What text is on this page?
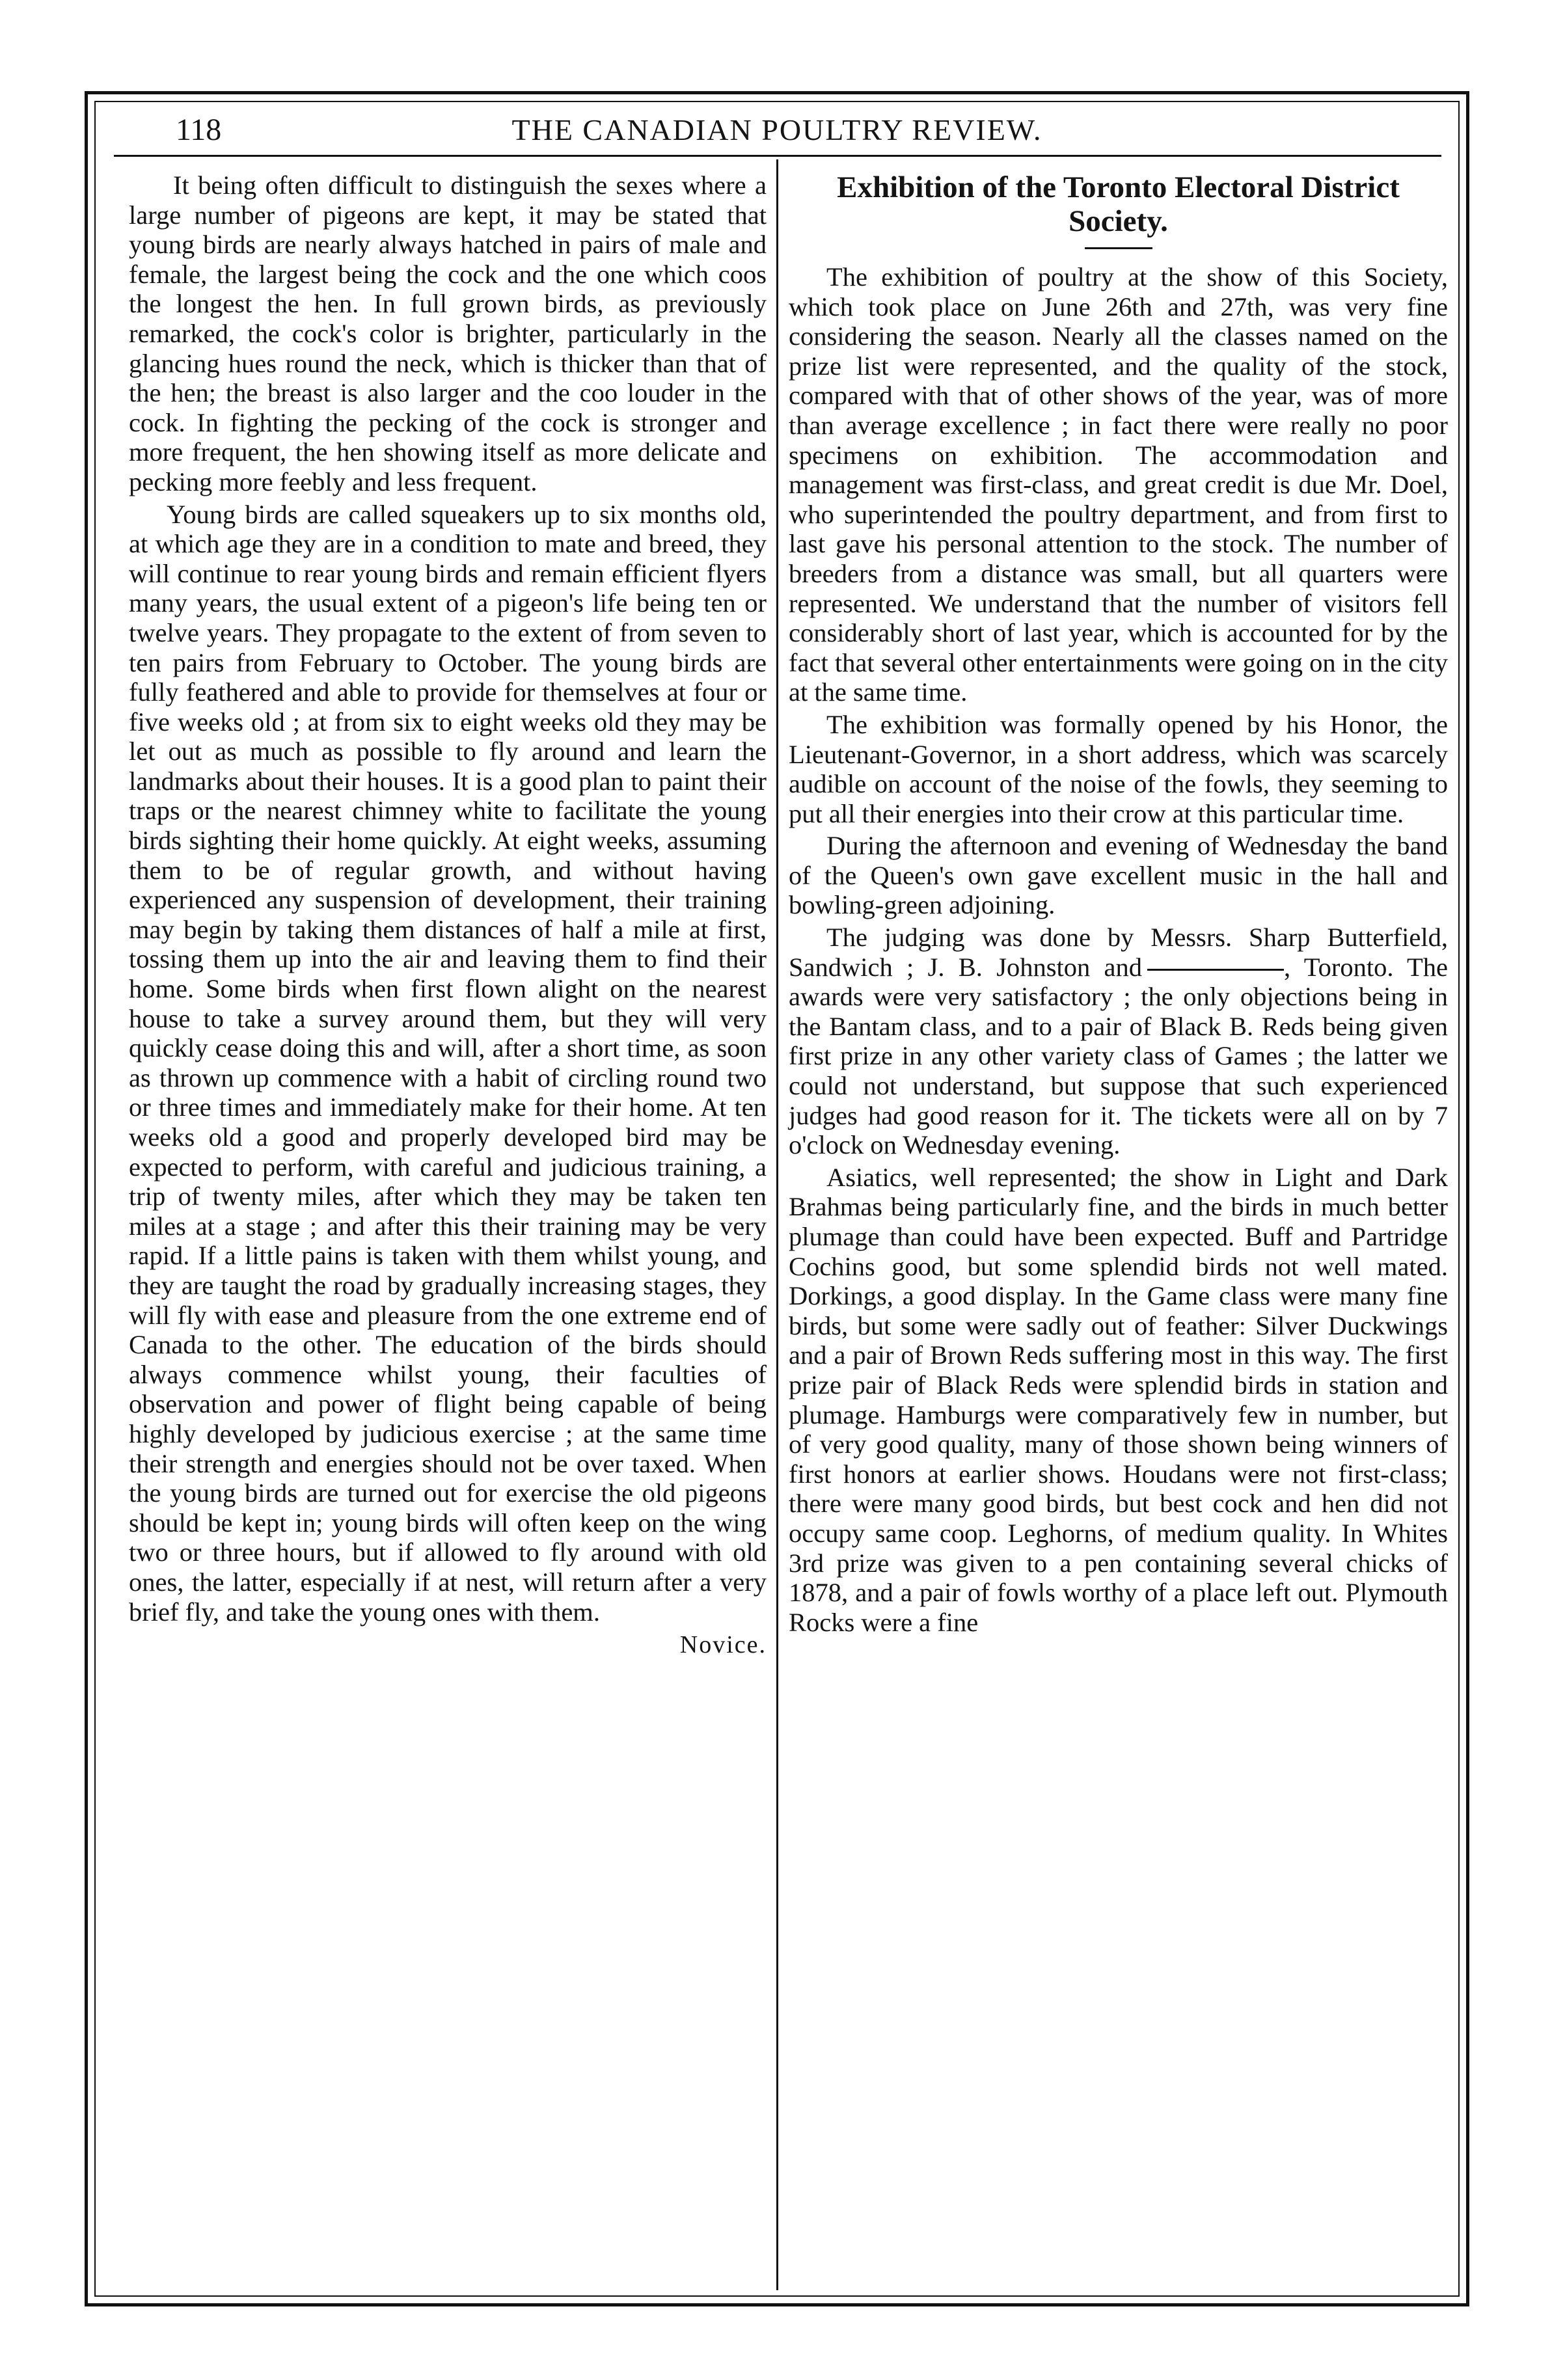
118	THE CANADIAN POULTRY REVIEW.

It being often difficult to distinguish the sexes where a large number of pigeons are kept, it may be stated that young birds are nearly always hatched in pairs of male and female, the largest being the cock and the one which coos the longest the hen. In full grown birds, as previously remarked, the cock's color is brighter, particularly in the glancing hues round the neck, which is thicker than that of the hen; the breast is also larger and the coo louder in the cock. In fighting the pecking of the cock is stronger and more frequent, the hen showing itself as more delicate and pecking more feebly and less frequent.

Young birds are called squeakers up to six months old, at which age they are in a condition to mate and breed, they will continue to rear young birds and remain efficient flyers many years, the usual extent of a pigeon's life being ten or twelve years. They propagate to the extent of from seven to ten pairs from February to October. The young birds are fully feathered and able to provide for themselves at four or five weeks old ; at from six to eight weeks old they may be let out as much as possible to fly around and learn the landmarks about their houses. It is a good plan to paint their traps or the nearest chimney white to facilitate the young birds sighting their home quickly. At eight weeks, assuming them to be of regular growth, and without having experienced any suspension of development, their training may begin by taking them distances of half a mile at first, tossing them up into the air and leaving them to find their home. Some birds when first flown alight on the nearest house to take a survey around them, but they will very quickly cease doing this and will, after a short time, as soon as thrown up commence with a habit of circling round two or three times and immediately make for their home. At ten weeks old a good and properly developed bird may be expected to perform, with careful and judicious training, a trip of twenty miles, after which they may be taken ten miles at a stage ; and after this their training may be very rapid. If a little pains is taken with them whilst young, and they are taught the road by gradually increasing stages, they will fly with ease and pleasure from the one extreme end of Canada to the other. The education of the birds should always commence whilst young, their faculties of observation and power of flight being capable of being highly developed by judicious exercise ; at the same time their strength and energies should not be over taxed. When the young birds are turned out for exercise the old pigeons should be kept in; young birds will often keep on the wing two or three hours, but if allowed to fly around with old ones, the latter, especially if at nest, will return after a very brief fly, and take the young ones with them.

Novice.
Exhibition of the Toronto Electoral District Society.

The exhibition of poultry at the show of this Society, which took place on June 26th and 27th, was very fine considering the season. Nearly all the classes named on the prize list were represented, and the quality of the stock, compared with that of other shows of the year, was of more than average excellence ; in fact there were really no poor specimens on exhibition. The accommodation and management was first-class, and great credit is due Mr. Doel, who superintended the poultry department, and from first to last gave his personal attention to the stock. The number of breeders from a distance was small, but all quarters were represented. We understand that the number of visitors fell considerably short of last year, which is accounted for by the fact that several other entertainments were going on in the city at the same time.

The exhibition was formally opened by his Honor, the Lieutenant-Governor, in a short address, which was scarcely audible on account of the noise of the fowls, they seeming to put all their energies into their crow at this particular time.

During the afternoon and evening of Wednesday the band of the Queen's own gave excellent music in the hall and bowling-green adjoining.

The judging was done by Messrs. Sharp Butterfield, Sandwich ; J. B. Johnston and	, Toronto. The awards were very satisfactory ; the only objections being in the Bantam class, and to a pair of Black B. Reds being given first prize in any other variety class of Games ; the latter we could not understand, but suppose that such experienced judges had good reason for it. The tickets were all on by 7 o'clock on Wednesday evening.

Asiatics, well represented; the show in Light and Dark Brahmas being particularly fine, and the birds in much better plumage than could have been expected. Buff and Partridge Cochins good, but some splendid birds not well mated. Dorkings, a good display. In the Game class were many fine birds, but some were sadly out of feather: Silver Duckwings and a pair of Brown Reds suffering most in this way. The first prize pair of Black Reds were splendid birds in station and plumage. Hamburgs were comparatively few in number, but of very good quality, many of those shown being winners of first honors at earlier shows. Houdans were not first-class; there were many good birds, but best cock and hen did not occupy same coop. Leghorns, of medium quality. In Whites 3rd prize was given to a pen containing several chicks of 1878, and a pair of fowls worthy of a place left out. Plymouth Rocks were a fine
